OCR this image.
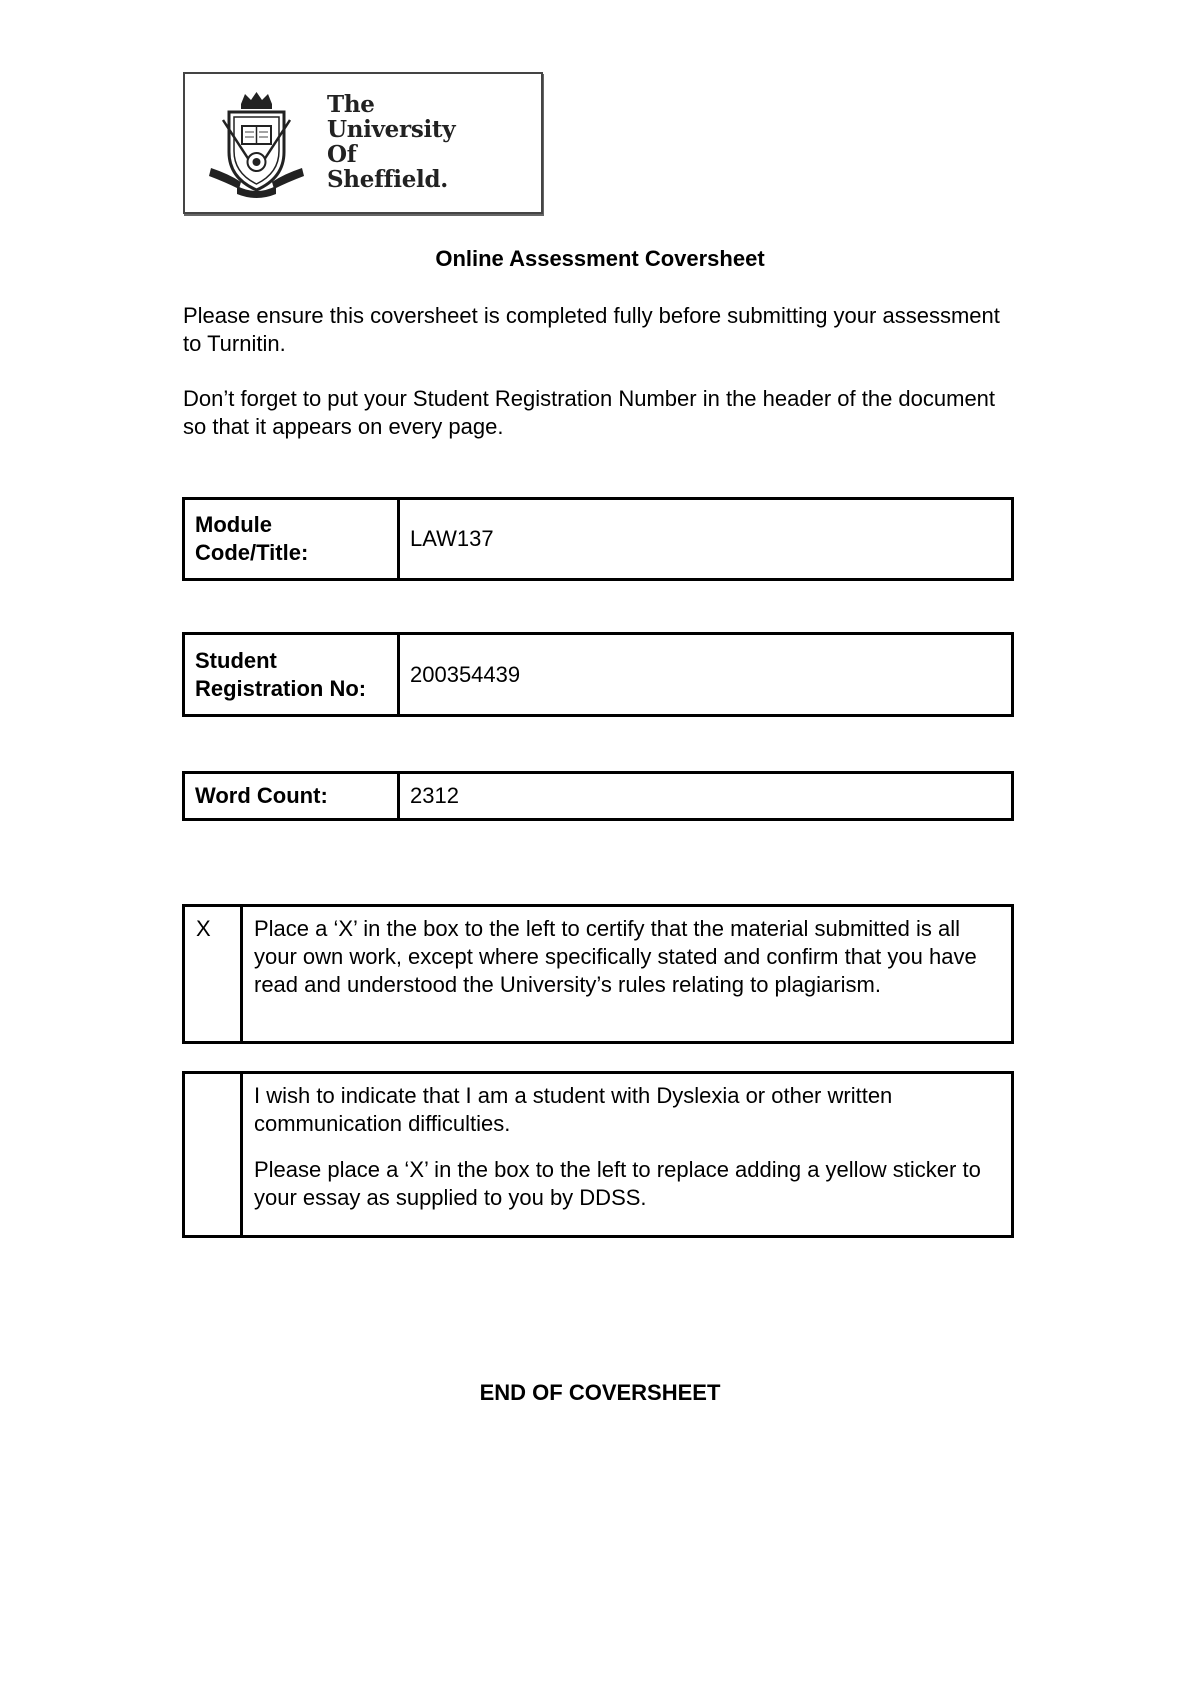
The
University
Of
Sheffield.
Online Assessment Coversheet
Please ensure this coversheet is completed fully before submitting your assessment to Turnitin.
Don’t forget to put your Student Registration Number in the header of the document so that it appears on every page.
Module Code/Title:	LAW137
Student Registration No:	200354439
Word Count:	2312
X	Place a ‘X’ in the box to the left to certify that the material submitted is all your own work, except where specifically stated and confirm that you have read and understood the University’s rules relating to plagiarism.

I wish to indicate that I am a student with Dyslexia or other written communication difficulties.

Please place a ‘X’ in the box to the left to replace adding a yellow sticker to your essay as supplied to you by DDSS.

END OF COVERSHEET
